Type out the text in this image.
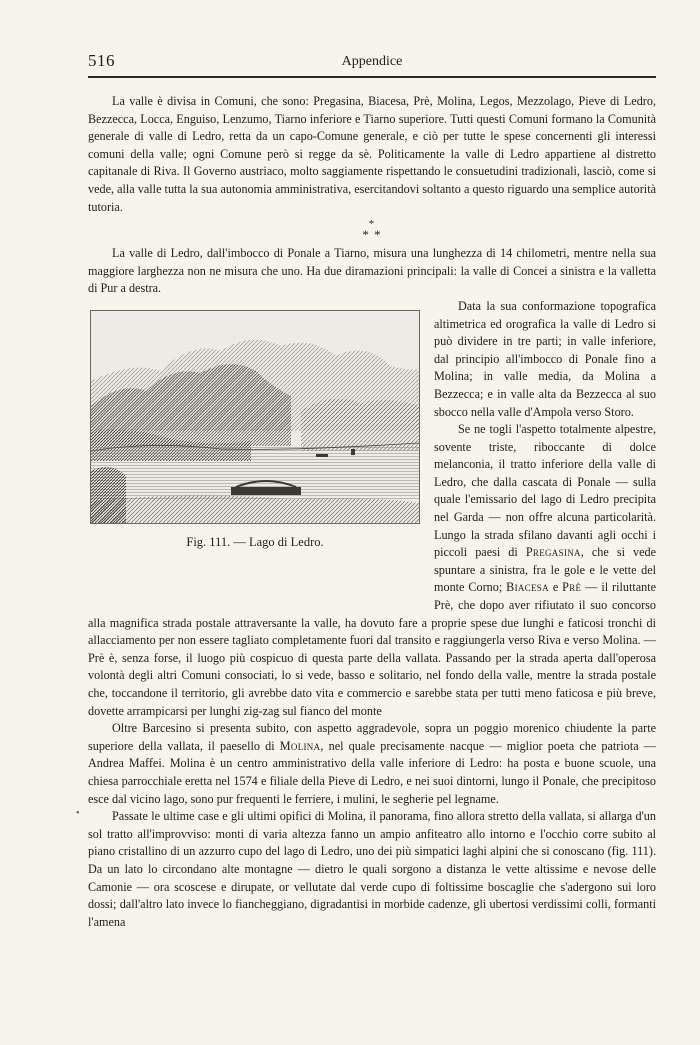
516	Appendice
•

La valle è divisa in Comuni, che sono: Pregasina, Biacesa, Prè, Molina, Legos, Mezzolago, Pieve di Ledro, Bezzecca, Locca, Enguiso, Lenzumo, Tiarno inferiore e Tiarno superiore. Tutti questi Comuni formano la Comunità generale di valle di Ledro, retta da un capo-Comune generale, e ciò per tutte le spese concernenti gli interessi comuni della valle; ogni Comune però si regge da sè. Politicamente la valle di Ledro appartiene al distretto capitanale di Riva. Il Governo austriaco, molto saggiamente rispettando le consuetudini tradizionali, lasciò, come si vede, alla valle tutta la sua autonomia amministrativa, esercitandovi soltanto a questo riguardo una semplice autorità tutoria.

*
* *

La valle di Ledro, dall'imbocco di Ponale a Tiarno, misura una lunghezza di 14 chilometri, mentre nella sua maggiore larghezza non ne misura che uno. Ha due diramazioni principali: la valle di Concei a sinistra e la valletta di Pur a destra.

Fig. 111. — Lago di Ledro.

Data la sua conformazione topografica altimetrica ed orografica la valle di Ledro si può dividere in tre parti; in valle inferiore, dal principio all'imbocco di Ponale fino a Molina; in valle media, da Molina a Bezzecca; e in valle alta da Bezzecca al suo sbocco nella valle d'Ampola verso Storo.

Se ne togli l'aspetto totalmente alpestre, sovente triste, riboccante di dolce melanconia, il tratto inferiore della valle di Ledro, che dalla cascata di Ponale — sulla quale l'emissario del lago di Ledro precipita nel Garda — non offre alcuna particolarità. Lungo la strada sfilano davanti agli occhi i piccoli paesi di Pregasina, che si vede spuntare a sinistra, fra le gole e le vette del monte Corno; Biacesa e Prè — il riluttante Prè, che dopo aver rifiutato il suo concorso alla magnifica strada postale attraversante la valle, ha dovuto fare a proprie spese due lunghi e faticosi tronchi di allacciamento per non essere tagliato completamente fuori dal transito e raggiungerla verso Riva e verso Molina. — Prè è, senza forse, il luogo più cospicuo di questa parte della vallata. Passando per la strada aperta dall'operosa volontà degli altri Comuni consociati, lo si vede, basso e solitario, nel fondo della valle, mentre la strada postale che, toccandone il territorio, gli avrebbe dato vita e commercio e sarebbe stata per tutti meno faticosa e più breve, dovette arrampicarsi per lunghi zig-zag sul fianco del monte

Oltre Barcesino si presenta subito, con aspetto aggradevole, sopra un poggio morenico chiudente la parte superiore della vallata, il paesello di Molina, nel quale precisamente nacque — miglior poeta che patriota — Andrea Maffei. Molina è un centro amministrativo della valle inferiore di Ledro: ha posta e buone scuole, una chiesa parrocchiale eretta nel 1574 e filiale della Pieve di Ledro, e nei suoi dintorni, lungo il Ponale, che precipitoso esce dal vicino lago, sono pur frequenti le ferriere, i mulini, le segherie pel legname.

Passate le ultime case e gli ultimi opifici di Molina, il panorama, fino allora stretto della vallata, si allarga d'un sol tratto all'improvviso: monti di varia altezza fanno un ampio anfiteatro allo intorno e l'occhio corre subito al piano cristallino di un azzurro cupo del lago di Ledro, uno dei più simpatici laghi alpini che si conoscano (fig. 111). Da un lato lo circondano alte montagne — dietro le quali sorgono a distanza le vette altissime e nevose delle Camonie — ora scoscese e dirupate, or vellutate dal verde cupo di foltissime boscaglie che s'adergono sui loro dossi; dall'altro lato invece lo fiancheggiano, digradantisi in morbide cadenze, gli ubertosi verdissimi colli, formanti l'amena
